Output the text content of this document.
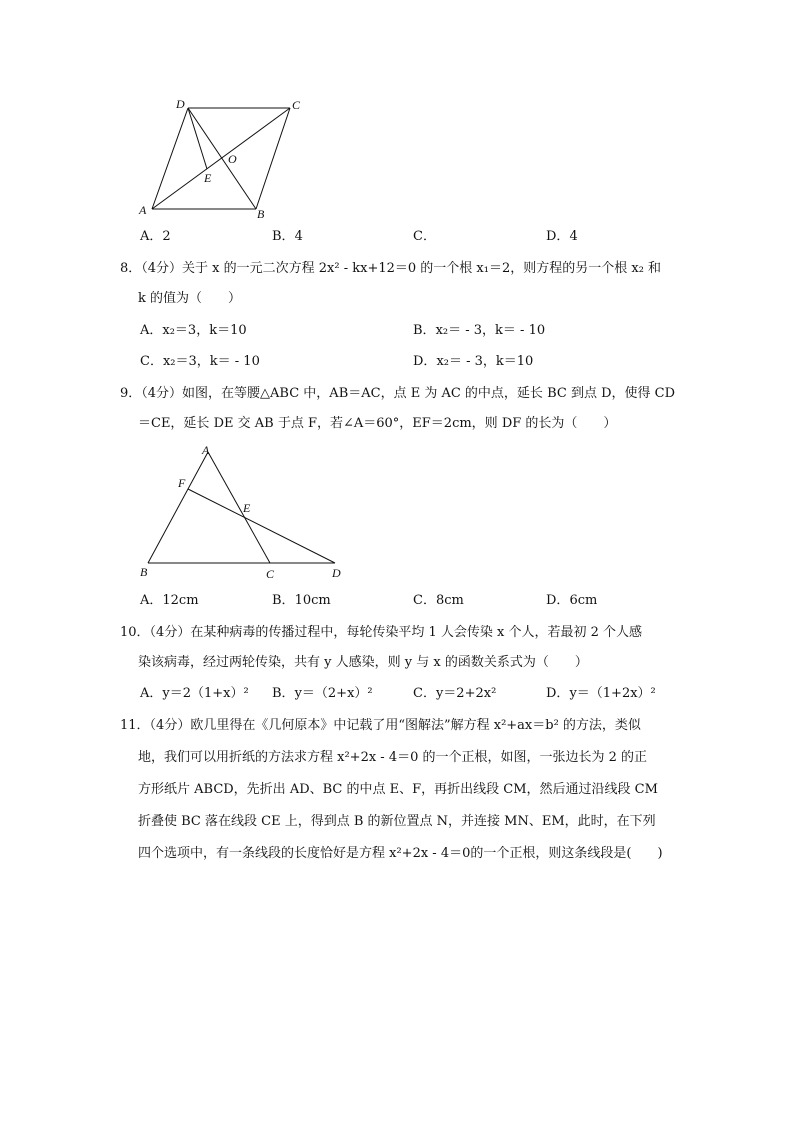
D	C
A	B
O
E
A．2	B．4	C．	D．4
8．（4分）关于 x 的一元二次方程 2x² - kx+12＝0 的一个根 x₁＝2，则方程的另一个根 x₂ 和
k 的值为（　　）
A．x₂＝3，k＝10	B．x₂＝ - 3，k＝ - 10
C．x₂＝3，k＝ - 10	D．x₂＝ - 3，k＝10
9．（4分）如图，在等腰△ABC 中，AB＝AC，点 E 为 AC 的中点，延长 BC 到点 D，使得 CD
＝CE，延长 DE 交 AB 于点 F，若∠A＝60°，EF＝2cm，则 DF 的长为（　　）
A
F
E
B	C	D
A．12cm	B．10cm	C．8cm	D．6cm
10．（4分）在某种病毒的传播过程中，每轮传染平均 1 人会传染 x 个人，若最初 2 个人感
染该病毒，经过两轮传染，共有 y 人感染，则 y 与 x 的函数关系式为（　　）
A．y＝2（1+x）² B．y＝（2+x）²	C．y＝2+2x²	D．y＝（1+2x）²
11．（4分）欧几里得在《几何原本》中记载了用“图解法”解方程 x²+ax＝b² 的方法，类似
地，我们可以用折纸的方法求方程 x²+2x - 4＝0 的一个正根，如图，一张边长为 2 的正
方形纸片 ABCD，先折出 AD、BC 的中点 E、F，再折出线段 CM，然后通过沿线段 CM
折叠使 BC 落在线段 CE 上，得到点 B 的新位置点 N，并连接 MN、EM，此时，在下列
四个选项中，有一条线段的长度恰好是方程 x²+2x - 4＝0的一个正根，则这条线段是(　　)
